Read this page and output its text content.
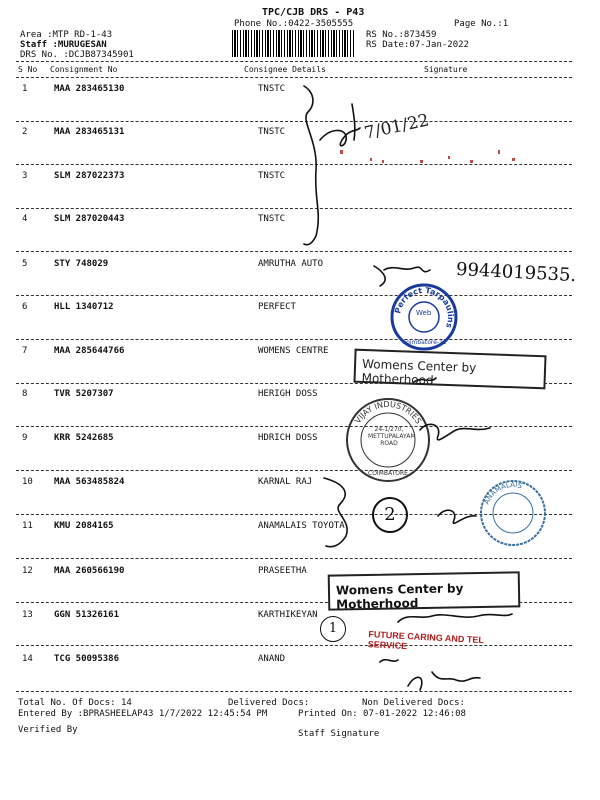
TPC/CJB DRS - P43
Phone No.:0422-3505555	Page No.:1
Area :MTP RD-1-43
Staff :MURUGESAN
DRS No. :DCJB87345901
RS No.:873459
RS Date:07-Jan-2022
S No Consignment No	Consignee Details	Signature
1	MAA 283465130	TNSTC
2	MAA 283465131	TNSTC
3	SLM 287022373	TNSTC
4	SLM 287020443	TNSTC
5	STY 748029	AMRUTHA AUTO
6	HLL 1340712	PERFECT
7	MAA 285644766	WOMENS CENTRE
8	TVR 5207307	HERIGH DOSS
9	KRR 5242685	HDRICH DOSS
10 MAA 563485824	KARNAL RAJ
11 KMU 2084165	ANAMALAIS TOYOTA
12 MAA 260566190	PRASEETHA
13 GGN 51326161	KARTHIKEYAN
14 TCG 50095386	ANAND
Total No. Of Docs: 14	Delivered Docs:	Non Delivered Docs:
Entered By :BPRASHEELAP43 1/7/2022 12:45:54 PM	Printed On: 07-01-2022 12:46:08
Verified By	Staff Signature
Womens Center by Motherhood
Womens Center by Motherhood
FUTURE CARING AND TEL SERVICE
Perfect Tarpaulins
Web
Coimbatore-12
VIJAY INDUSTRIES
24-1/270, METTUPALAYAM ROAD
COIMBATORE
ANAMALAIS
7/01/22
9944019535.
2
1
